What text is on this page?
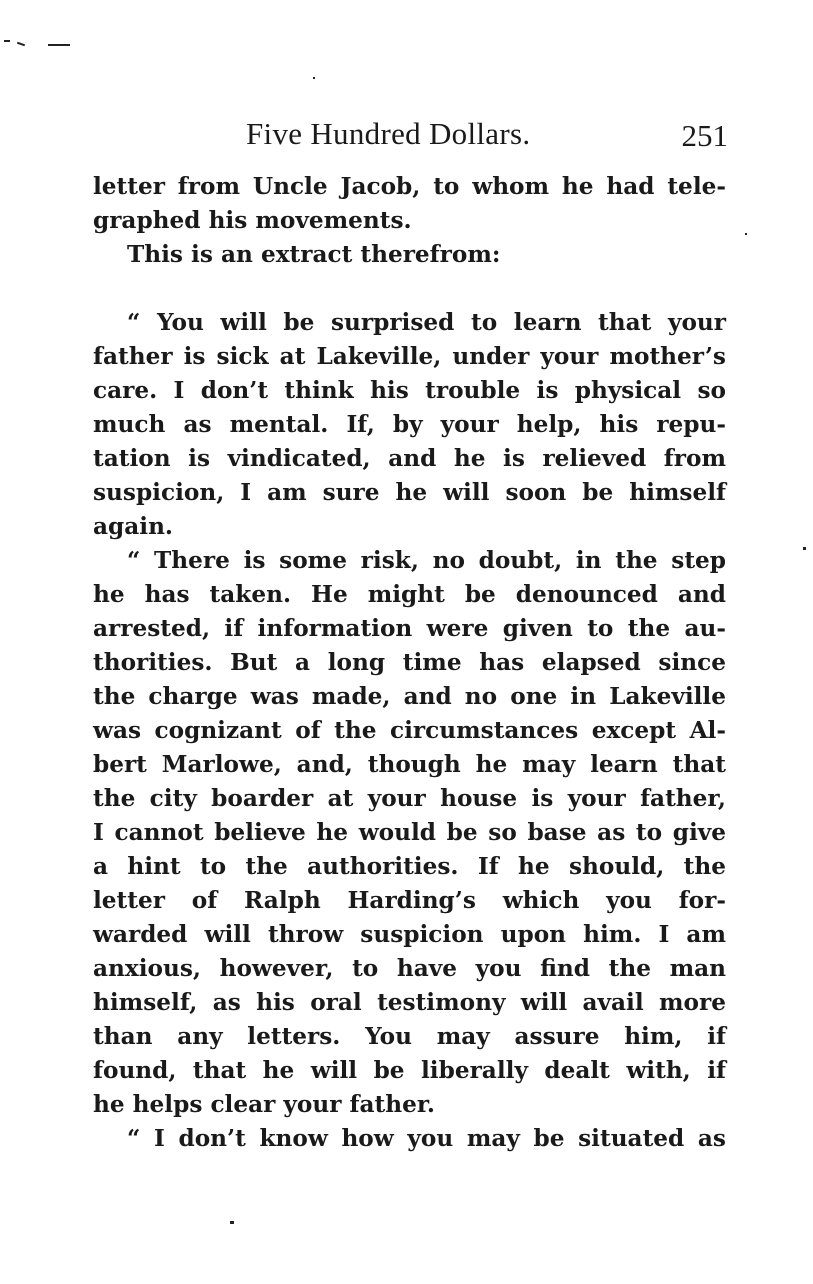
Five Hundred Dollars.	251
letter from Uncle Jacob, to whom he had tele-
graphed his movements.
This is an extract therefrom:
“ You will be surprised to learn that your
father is sick at Lakeville, under your mother’s
care. I don’t think his trouble is physical so
much as mental. If, by your help, his repu-
tation is vindicated, and he is relieved from
suspicion, I am sure he will soon be himself
again.
“ There is some risk, no doubt, in the step
he has taken. He might be denounced and
arrested, if information were given to the au-
thorities. But a long time has elapsed since
the charge was made, and no one in Lakeville
was cognizant of the circumstances except Al-
bert Marlowe, and, though he may learn that
the city boarder at your house is your father,
I cannot believe he would be so base as to give
a hint to the authorities. If he should, the
letter of Ralph Harding’s which you for-
warded will throw suspicion upon him. I am
anxious, however, to have you find the man
himself, as his oral testimony will avail more
than any letters. You may assure him, if
found, that he will be liberally dealt with, if
he helps clear your father.
“ I don’t know how you may be situated as
